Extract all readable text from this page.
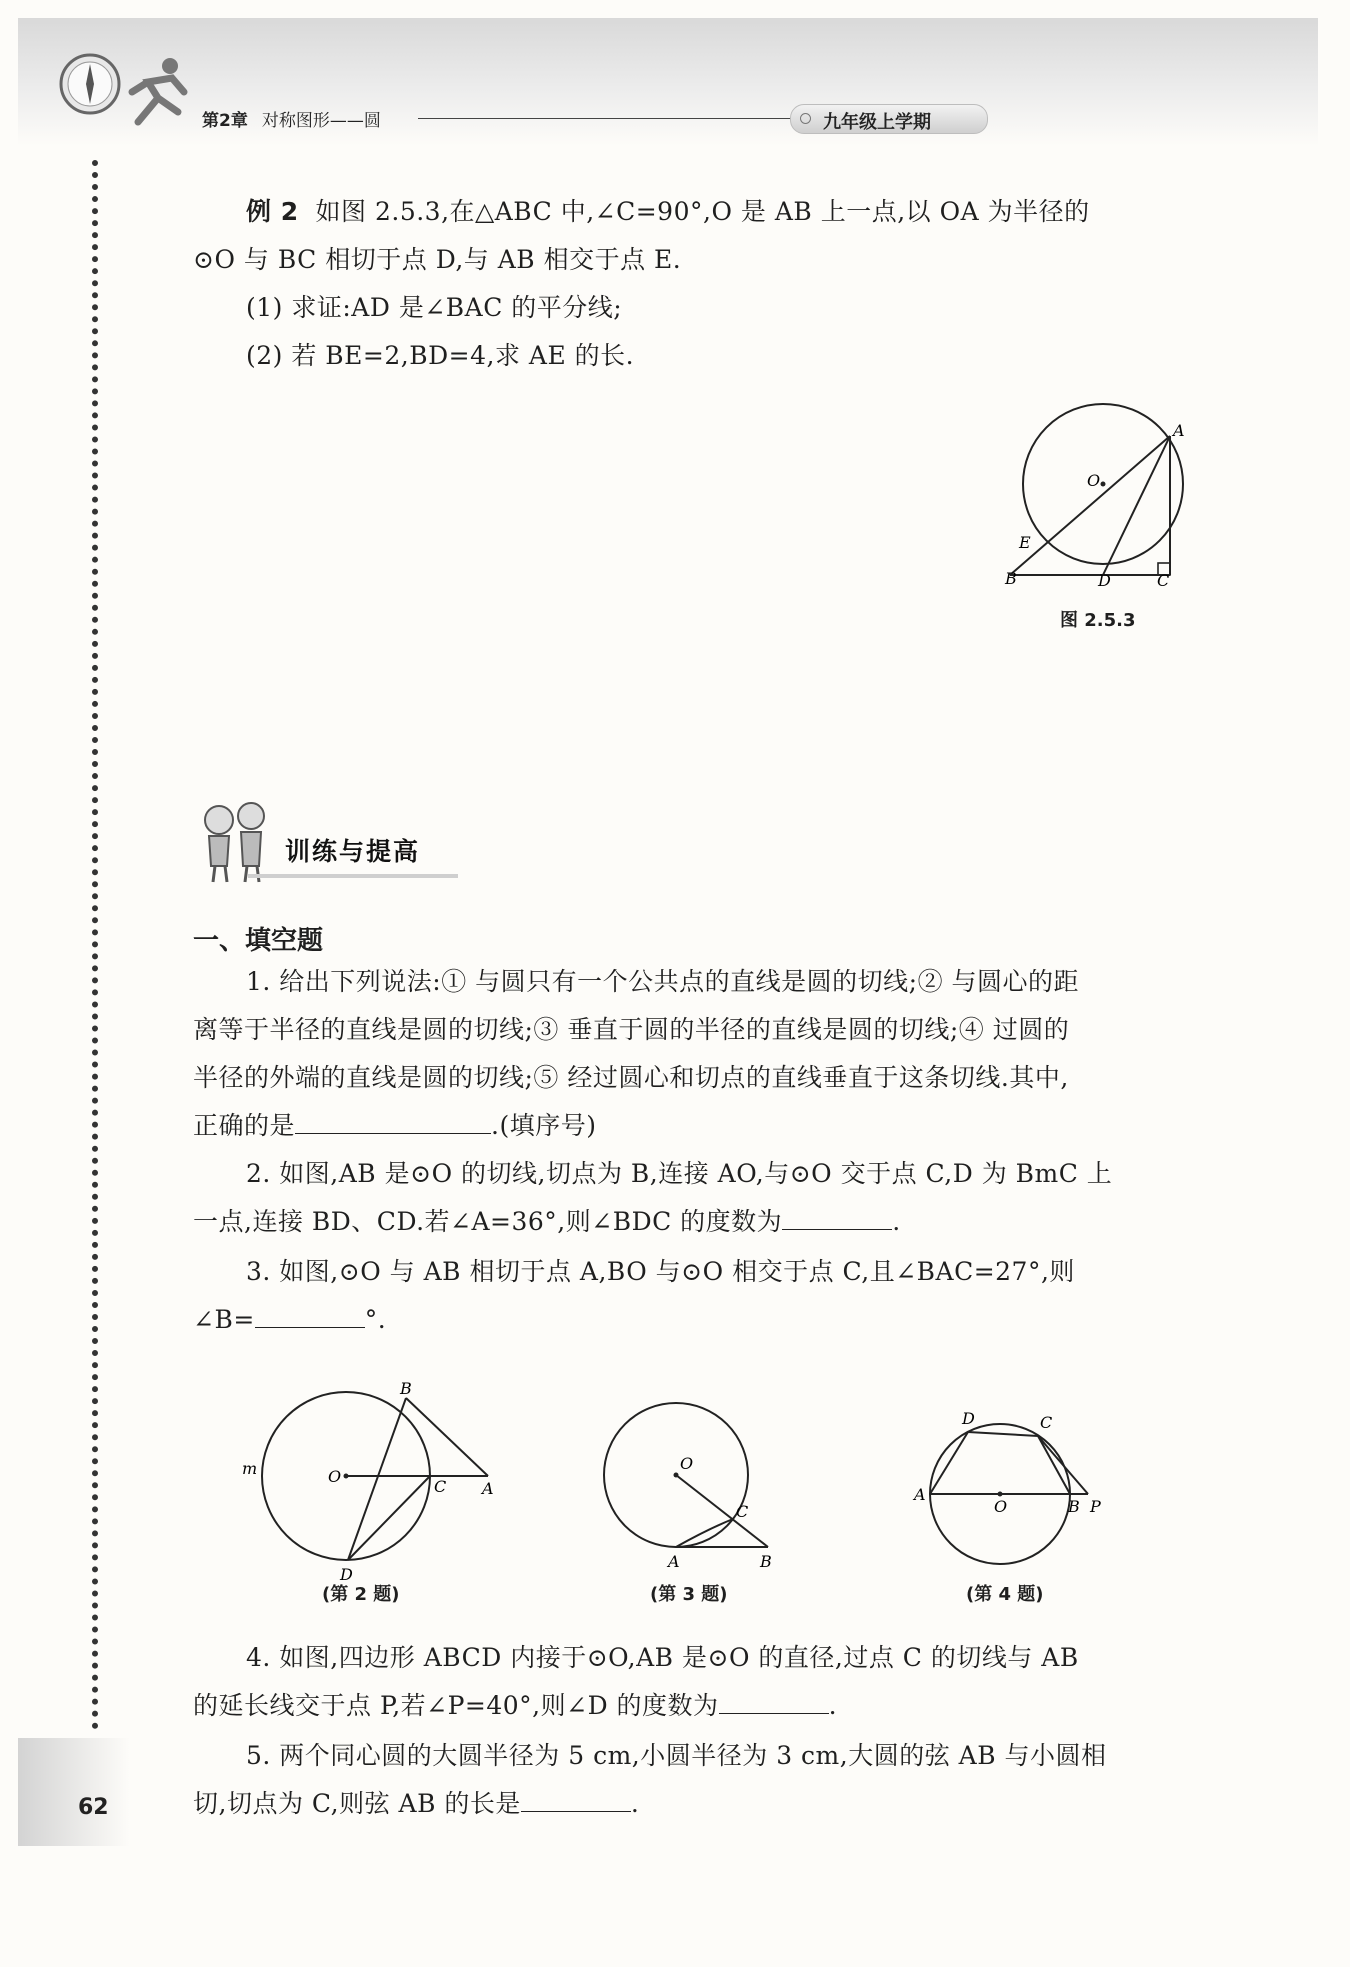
第2章 对称图形——圆	九年级上学期
例 2 如图 2.5.3,在△ABC 中,∠C=90°,O 是 AB 上一点,以 OA 为半径的
⊙O 与 BC 相切于点 D,与 AB 相交于点 E.
(1) 求证:AD 是∠BAC 的平分线;
(2) 若 BE=2,BD=4,求 AE 的长.
A
O
E
B	D	C
图 2.5.3
训练与提高
一、填空题
1. 给出下列说法:① 与圆只有一个公共点的直线是圆的切线;② 与圆心的距
离等于半径的直线是圆的切线;③ 垂直于圆的半径的直线是圆的切线;④ 过圆的
半径的外端的直线是圆的切线;⑤ 经过圆心和切点的直线垂直于这条切线.其中,
正确的是	.(填序号)
2. 如图,AB 是⊙O 的切线,切点为 B,连接 AO,与⊙O 交于点 C,D 为 BmC 上
一点,连接 BD、CD.若∠A=36°,则∠BDC 的度数为	.
3. 如图,⊙O 与 AB 相切于点 A,BO 与⊙O 相交于点 C,且∠BAC=27°,则
∠B=	°.
B
m	O
C A
D
(第 2 题)
O
C
A	B
(第 3 题)
D	C
A
O	B P
(第 4 题)
4. 如图,四边形 ABCD 内接于⊙O,AB 是⊙O 的直径,过点 C 的切线与 AB
的延长线交于点 P,若∠P=40°,则∠D 的度数为	.
5. 两个同心圆的大圆半径为 5 cm,小圆半径为 3 cm,大圆的弦 AB 与小圆相
切,切点为 C,则弦 AB 的长是	.
62
